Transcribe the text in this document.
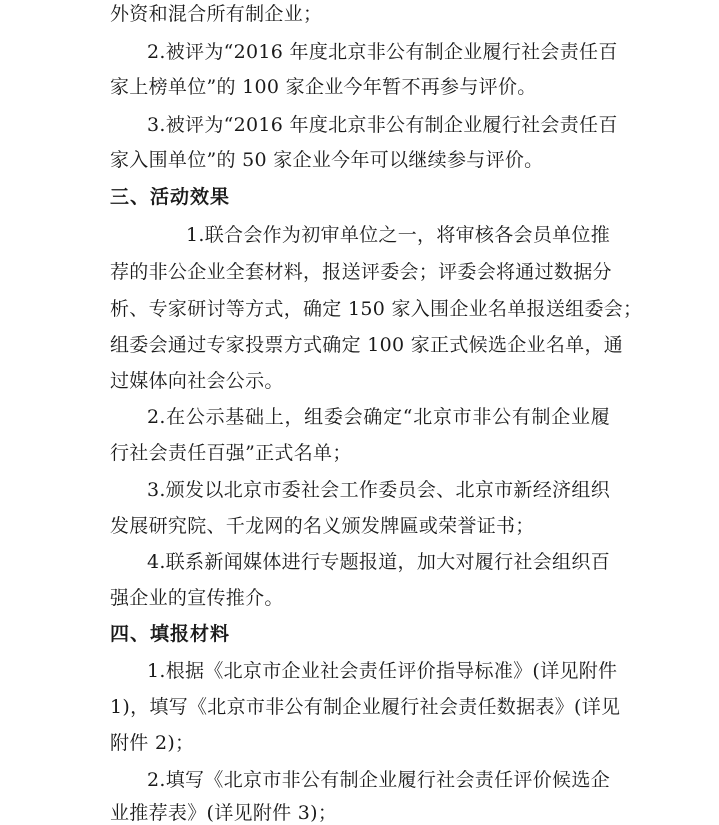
外资和混合所有制企业；
2.被评为“2016 年度北京非公有制企业履行社会责任百
家上榜单位”的 100 家企业今年暂不再参与评价。
3.被评为“2016 年度北京非公有制企业履行社会责任百
家入围单位”的 50 家企业今年可以继续参与评价。
三、活动效果
1.联合会作为初审单位之一，将审核各会员单位推
荐的非公企业全套材料，报送评委会；评委会将通过数据分
析、专家研讨等方式，确定 150 家入围企业名单报送组委会；
组委会通过专家投票方式确定 100 家正式候选企业名单，通
过媒体向社会公示。
2.在公示基础上，组委会确定“北京市非公有制企业履
行社会责任百强”正式名单；
3.颁发以北京市委社会工作委员会、北京市新经济组织
发展研究院、千龙网的名义颁发牌匾或荣誉证书；
4.联系新闻媒体进行专题报道，加大对履行社会组织百
强企业的宣传推介。
四、填报材料
1.根据《北京市企业社会责任评价指导标准》(详见附件
1)，填写《北京市非公有制企业履行社会责任数据表》(详见
附件 2)；
2.填写《北京市非公有制企业履行社会责任评价候选企
业推荐表》(详见附件 3)；
